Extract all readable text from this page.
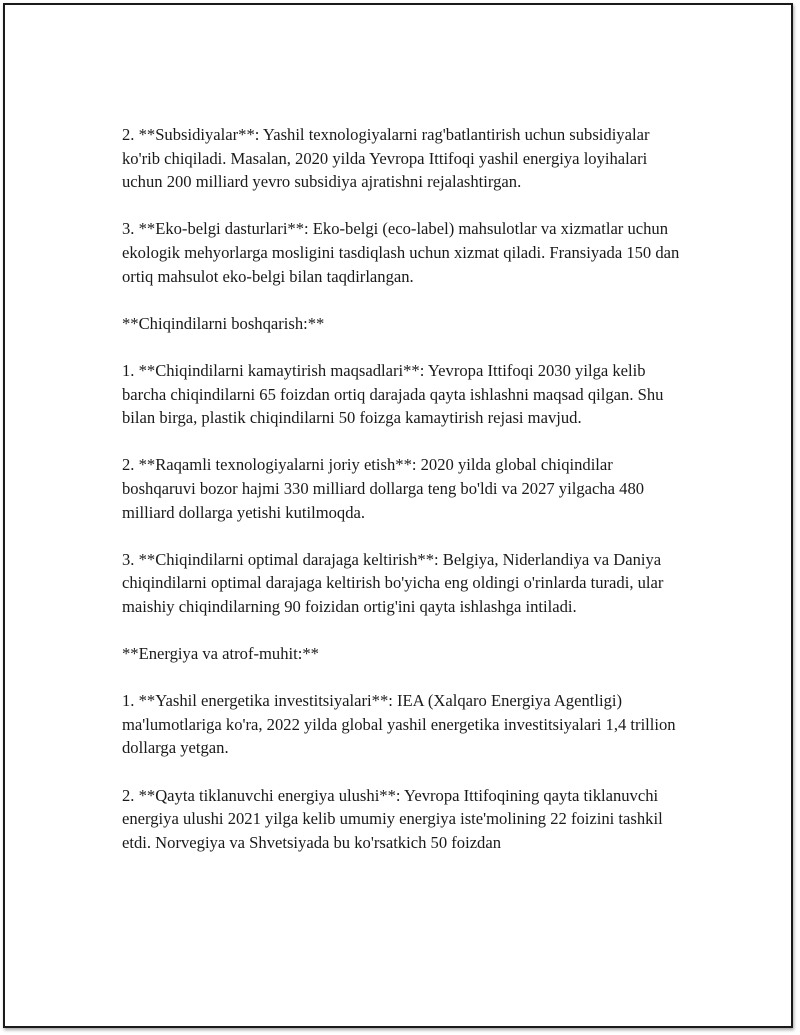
2. **Subsidiyalar**: Yashil texnologiyalarni rag'batlantirish uchun subsidiyalar ko'rib chiqiladi. Masalan, 2020 yilda Yevropa Ittifoqi yashil energiya loyihalari uchun 200 milliard yevro subsidiya ajratishni rejalashtirgan.

3. **Eko-belgi dasturlari**: Eko-belgi (eco-label) mahsulotlar va xizmatlar uchun ekologik mehyorlarga mosligini tasdiqlash uchun xizmat qiladi. Fransiyada 150 dan ortiq mahsulot eko-belgi bilan taqdirlangan.

**Chiqindilarni boshqarish:**

1. **Chiqindilarni kamaytirish maqsadlari**: Yevropa Ittifoqi 2030 yilga kelib barcha chiqindilarni 65 foizdan ortiq darajada qayta ishlashni maqsad qilgan. Shu bilan birga, plastik chiqindilarni 50 foizga kamaytirish rejasi mavjud.

2. **Raqamli texnologiyalarni joriy etish**: 2020 yilda global chiqindilar boshqaruvi bozor hajmi 330 milliard dollarga teng bo'ldi va 2027 yilgacha 480 milliard dollarga yetishi kutilmoqda.

3. **Chiqindilarni optimal darajaga keltirish**: Belgiya, Niderlandiya va Daniya chiqindilarni optimal darajaga keltirish bo'yicha eng oldingi o'rinlarda turadi, ular maishiy chiqindilarning 90 foizidan ortig'ini qayta ishlashga intiladi.

**Energiya va atrof-muhit:**

1. **Yashil energetika investitsiyalari**: IEA (Xalqaro Energiya Agentligi) ma'lumotlariga ko'ra, 2022 yilda global yashil energetika investitsiyalari 1,4 trillion dollarga yetgan.

2. **Qayta tiklanuvchi energiya ulushi**: Yevropa Ittifoqining qayta tiklanuvchi energiya ulushi 2021 yilga kelib umumiy energiya iste'molining 22 foizini tashkil etdi. Norvegiya va Shvetsiyada bu ko'rsatkich 50 foizdan
